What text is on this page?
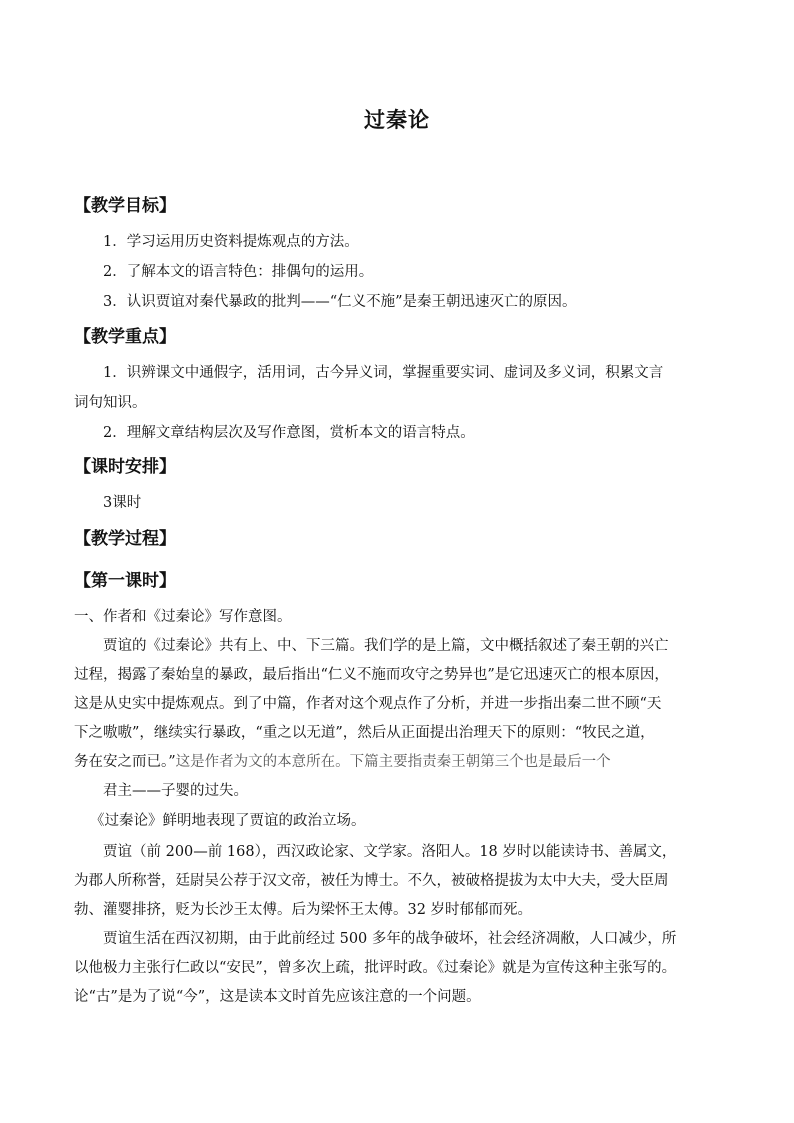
过秦论
【教学目标】
1．学习运用历史资料提炼观点的方法。
2．了解本文的语言特色：排偶句的运用。
3．认识贾谊对秦代暴政的批判——“仁义不施”是秦王朝迅速灭亡的原因。
【教学重点】
1．识辨课文中通假字，活用词，古今异义词，掌握重要实词、虚词及多义词，积累文言
词句知识。
2．理解文章结构层次及写作意图，赏析本文的语言特点。
【课时安排】
3课时
【教学过程】
【第一课时】
一、作者和《过秦论》写作意图。
贾谊的《过秦论》共有上、中、下三篇。我们学的是上篇，文中概括叙述了秦王朝的兴亡
过程，揭露了秦始皇的暴政，最后指出“仁义不施而攻守之势异也”是它迅速灭亡的根本原因，
这是从史实中提炼观点。到了中篇，作者对这个观点作了分析，并进一步指出秦二世不顾“天
下之嗷嗷”，继续实行暴政，“重之以无道”，然后从正面提出治理天下的原则：“牧民之道，
务在安之而已。”这是作者为文的本意所在。下篇主要指责秦王朝第三个也是最后一个
君主——子婴的过失。
《过秦论》鲜明地表现了贾谊的政治立场。
贾谊（前 200—前 168），西汉政论家、文学家。洛阳人。18 岁时以能读诗书、善属文，
为郡人所称誉，廷尉吴公荐于汉文帝，被任为博士。不久，被破格提拔为太中大夫，受大臣周
勃、灌婴排挤，贬为长沙王太傅。后为梁怀王太傅。32 岁时郁郁而死。
贾谊生活在西汉初期，由于此前经过 500 多年的战争破坏，社会经济凋敝，人口减少，所
以他极力主张行仁政以“安民”，曾多次上疏，批评时政。《过秦论》就是为宣传这种主张写的。
论“古”是为了说“今”，这是读本文时首先应该注意的一个问题。
